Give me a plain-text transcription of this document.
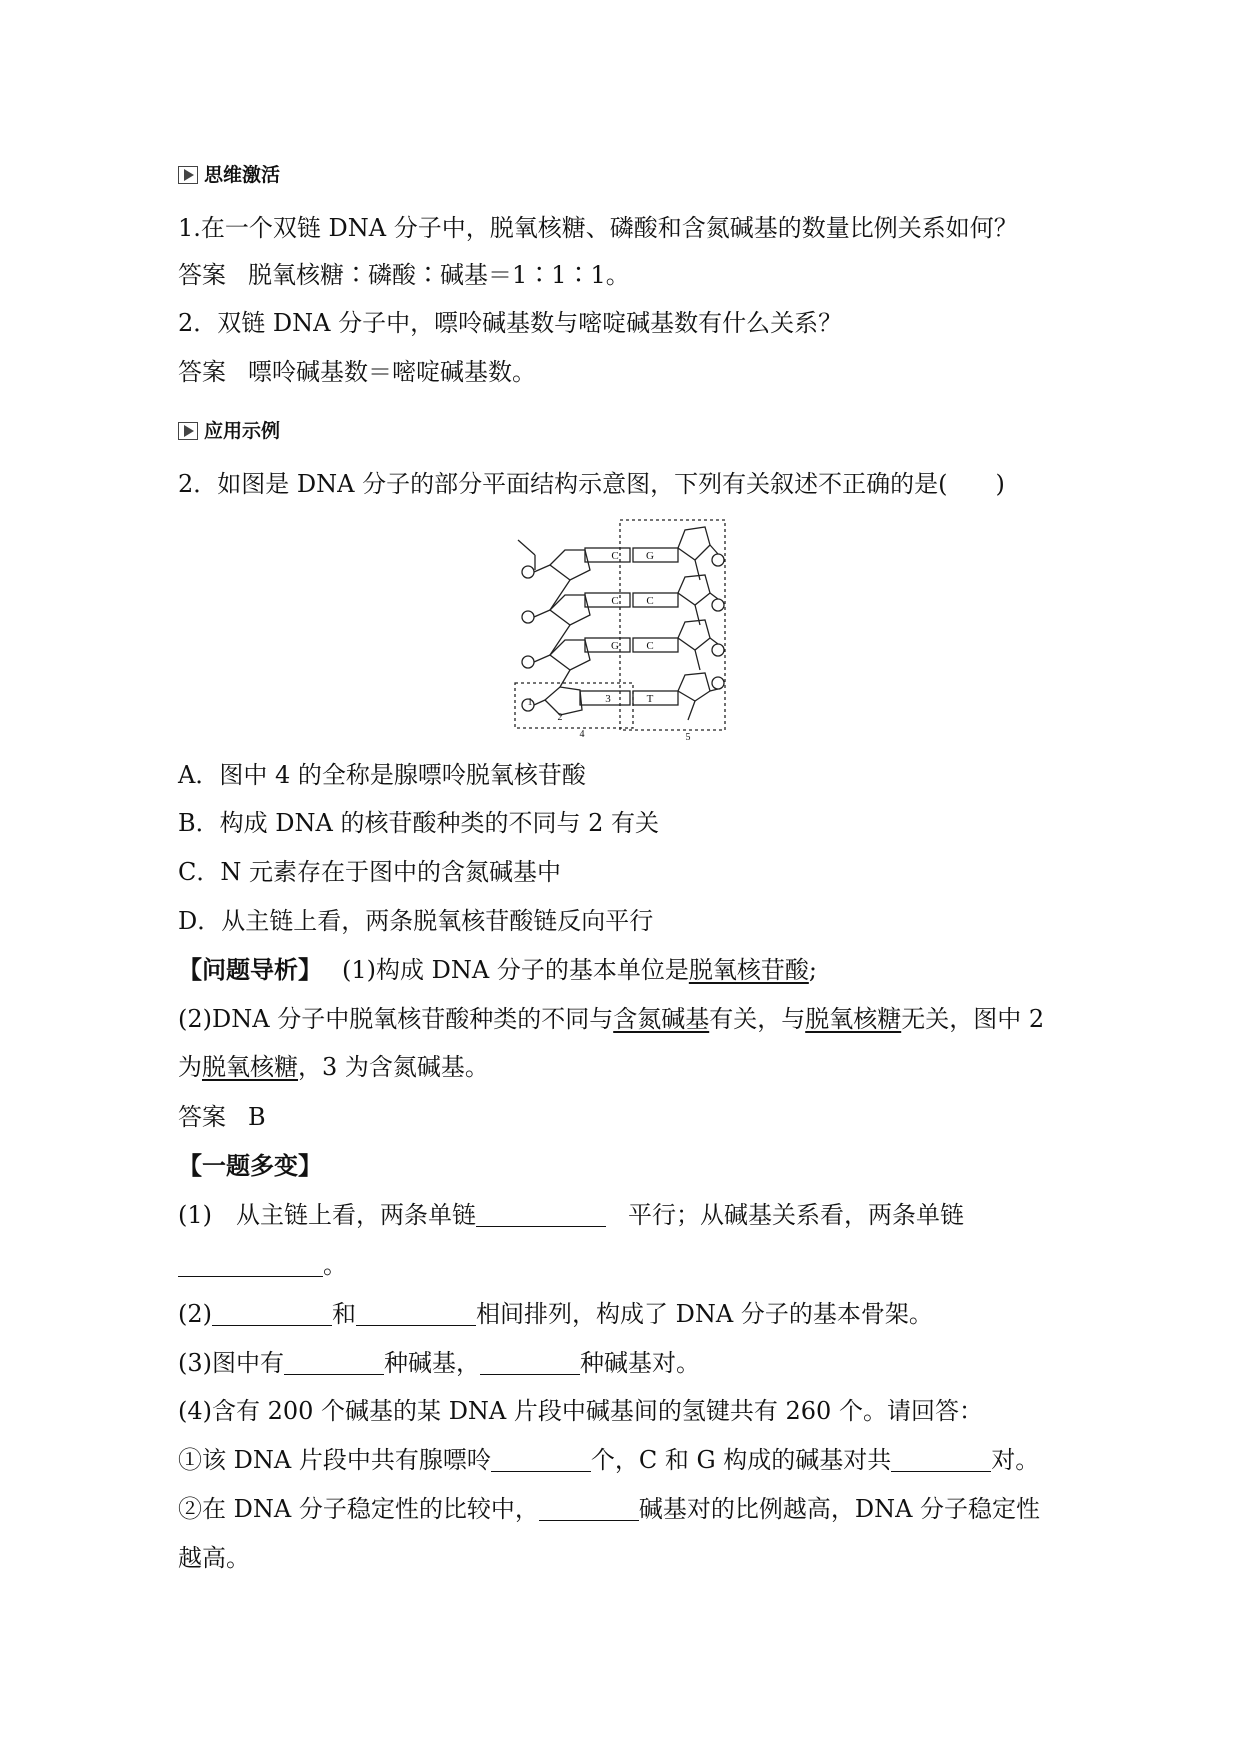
思维激活
1.在一个双链 DNA 分子中，脱氧核糖、磷酸和含氮碱基的数量比例关系如何？
答案 脱氧核糖∶磷酸∶碱基＝1∶1∶1。
2．双链 DNA 分子中，嘌呤碱基数与嘧啶碱基数有什么关系？
答案 嘌呤碱基数＝嘧啶碱基数。
应用示例
2．如图是 DNA 分子的部分平面结构示意图，下列有关叙述不正确的是(　　)
C
C
G
3
G
C
C
T
1
2
4	5
A．图中 4 的全称是腺嘌呤脱氧核苷酸
B．构成 DNA 的核苷酸种类的不同与 2 有关
C．N 元素存在于图中的含氮碱基中
D．从主链上看，两条脱氧核苷酸链反向平行
【问题导析】 (1)构成 DNA 分子的基本单位是脱氧核苷酸;
(2)DNA 分子中脱氧核苷酸种类的不同与含氮碱基有关，与脱氧核糖无关，图中 2
为脱氧核糖，3 为含氮碱基。
答案 B
【一题多变】
(1)　从主链上看，两条单链	平行；从碱基关系看，两条单链
。
(2)	和	相间排列，构成了 DNA 分子的基本骨架。
(3)图中有	种碱基，	种碱基对。
(4)含有 200 个碱基的某 DNA 片段中碱基间的氢键共有 260 个。请回答：
①该 DNA 片段中共有腺嘌呤	个，C 和 G 构成的碱基对共	对。
②在 DNA 分子稳定性的比较中，	碱基对的比例越高，DNA 分子稳定性
越高。
